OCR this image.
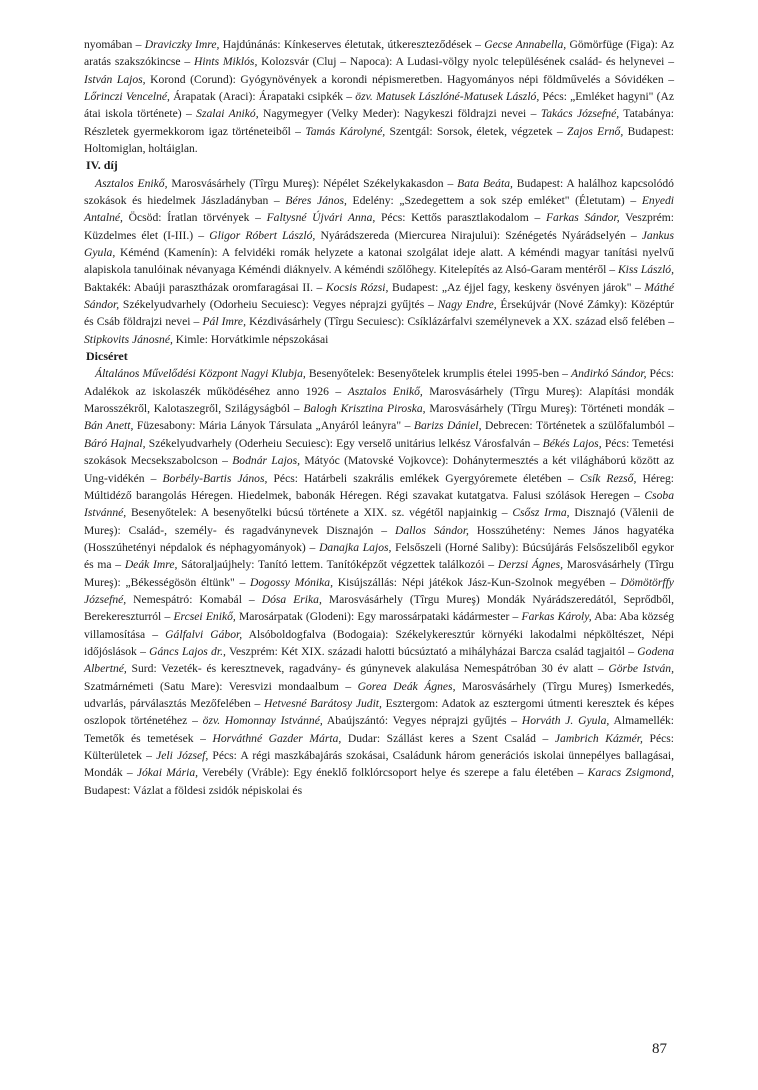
nyomában – Draviczky Imre, Hajdúnánás: Kínkeserves életutak, útkereszteződések – Gecse Annabella, Gömörfüge (Figa): Az aratás szakszókincse – Hints Miklós, Kolozsvár (Cluj – Napoca): A Ludasi-völgy nyolc településének család- és helynevei – István Lajos, Korond (Corund): Gyógynövények a korondi népismeretben. Hagyományos népi földművelés a Sóvidéken – Lőrinczi Vencelné, Árapatak (Araci): Árapataki csipkék – özv. Matusek Lászlóné-Matusek László, Pécs: „Emléket hagyni" (Az átai iskola története) – Szalai Anikó, Nagymegyer (Velky Meder): Nagykeszi földrajzi nevei – Takács Józsefné, Tatabánya: Részletek gyermekkorom igaz történeteiből – Tamás Károlyné, Szentgál: Sorsok, életek, végzetek – Zajos Ernő, Budapest: Holtomiglan, holtáiglan.

IV. díj

Asztalos Enikő, Marosvásárhely (Tîrgu Mureş): Népélet Székelykakasdon – Bata Beáta, Budapest: A halálhoz kapcsolódó szokások és hiedelmek Jászladányban – Béres János, Edelény: „Szedegettem a sok szép emléket" (Életutam) – Enyedi Antalné, Öcsöd: Íratlan törvények – Faltysné Újvári Anna, Pécs: Kettős parasztlakodalom – Farkas Sándor, Veszprém: Küzdelmes élet (I-III.) – Gligor Róbert László, Nyárádszereda (Miercurea Nirajului): Szénégetés Nyárádselyén – Jankus Gyula, Kéménd (Kamenín): A felvidéki romák helyzete a katonai szolgálat ideje alatt. A kéméndi magyar tanítási nyelvű alapiskola tanulóinak névanyaga Kéméndi diáknyelv. A kéméndi szőlőhegy. Kitelepítés az Alsó-Garam mentéről – Kiss László, Baktakék: Abaúji parasztházak oromfaragásai II. – Kocsis Rózsi, Budapest: „Az éjjel fagy, keskeny ösvényen járok" – Máthé Sándor, Székelyudvarhely (Odorheiu Secuiesc): Vegyes néprajzi gyűjtés – Nagy Endre, Érsekújvár (Nové Zámky): Középtúr és Csáb földrajzi nevei – Pál Imre, Kézdivásárhely (Tîrgu Secuiesc): Csíklázárfalvi személynevek a XX. század első felében – Stipkovits Jánosné, Kimle: Horvátkimle népszokásai

Dicséret

Általános Művelődési Központ Nagyi Klubja, Besenyőtelek: Besenyőtelek krumplis ételei 1995-ben – Andirkó Sándor, Pécs: Adalékok az iskolaszék működéséhez anno 1926 – Asztalos Enikő, Marosvásárhely (Tîrgu Mureş): Alapítási mondák Marosszékről, Kalotaszegről, Szilágyságból – Balogh Krisztina Piroska, Marosvásárhely (Tîrgu Mureş): Történeti mondák – Bán Anett, Füzesabony: Mária Lányok Társulata „Anyáról leányra" – Barizs Dániel, Debrecen: Történetek a szülőfalumból – Báró Hajnal, Székelyudvarhely (Oderheiu Secuiesc): Egy verselő unitárius lelkész Városfalván – Békés Lajos, Pécs: Temetési szokások Mecsekszabolcson – Bodnár Lajos, Mátyóc (Matovské Vojkovce): Dohánytermesztés a két világháború között az Ung-vidékén – Borbély-Bartis János, Pécs: Határbeli szakrális emlékek Gyergyóremete életében – Csík Rezső, Héreg: Múltidéző barangolás Héregen. Hiedelmek, babonák Héregen. Régi szavakat kutatgatva. Falusi szólások Heregen – Csoba Istvánné, Besenyőtelek: A besenyőtelki búcsú története a XIX. sz. végétől napjainkig – Csősz Irma, Disznajó (Vălenii de Mureş): Család-, személy- és ragadványnevek Disznajón – Dallos Sándor, Hosszúhetény: Nemes János hagyatéka (Hosszúhetényi népdalok és néphagyományok) – Danajka Lajos, Felsőszeli (Horné Saliby): Búcsújárás Felsőszeliből egykor és ma – Deák Imre, Sátoraljaújhely: Tanító lettem. Tanítóképzőt végzettek találkozói – Derzsi Ágnes, Marosvásárhely (Tîrgu Mureş): „Békességösön éltünk" – Dogossy Mónika, Kisújszállás: Népi játékok Jász-Kun-Szolnok megyében – Dömötörffy Józsefné, Nemespátró: Komabál – Dósa Erika, Marosvásárhely (Tîrgu Mureş) Mondák Nyárádszeredától, Seprődből, Berekereszturról – Ercsei Enikő, Marosárpatak (Glodeni): Egy marossárpataki kádármester – Farkas Károly, Aba: Aba község villamosítása – Gálfalvi Gábor, Alsóboldogfalva (Bodogaia): Székelykeresztúr környéki lakodalmi népköltészet, Népi időjóslások – Gáncs Lajos dr., Veszprém: Két XIX. századi halotti búcsúztató a mihályházai Barcza család tagjaitól – Godena Albertné, Surd: Vezeték- és keresztnevek, ragadvány- és gúnynevek alakulása Nemespátróban 30 év alatt – Görbe István, Szatmárnémeti (Satu Mare): Veresvizi mondaalbum – Gorea Deák Ágnes, Marosvásárhely (Tîrgu Mureş) Ismerkedés, udvarlás, párválasztás Mezőfelében – Hetvesné Barátosy Judit, Esztergom: Adatok az esztergomi útmenti keresztek és képes oszlopok történetéhez – özv. Homonnay Istvánné, Abaújszántó: Vegyes néprajzi gyűjtés – Horváth J. Gyula, Almamellék: Temetők és temetések – Horváthné Gazder Márta, Dudar: Szállást keres a Szent Család – Jambrich Kázmér, Pécs: Külterületek – Jeli József, Pécs: A régi maszkábajárás szokásai, Családunk három generációs iskolai ünnepélyes ballagásai, Mondák – Jókai Mária, Verebély (Vráble): Egy éneklő folklórcsoport helye és szerepe a falu életében – Karacs Zsigmond, Budapest: Vázlat a földesi zsidók népiskolai és

87
